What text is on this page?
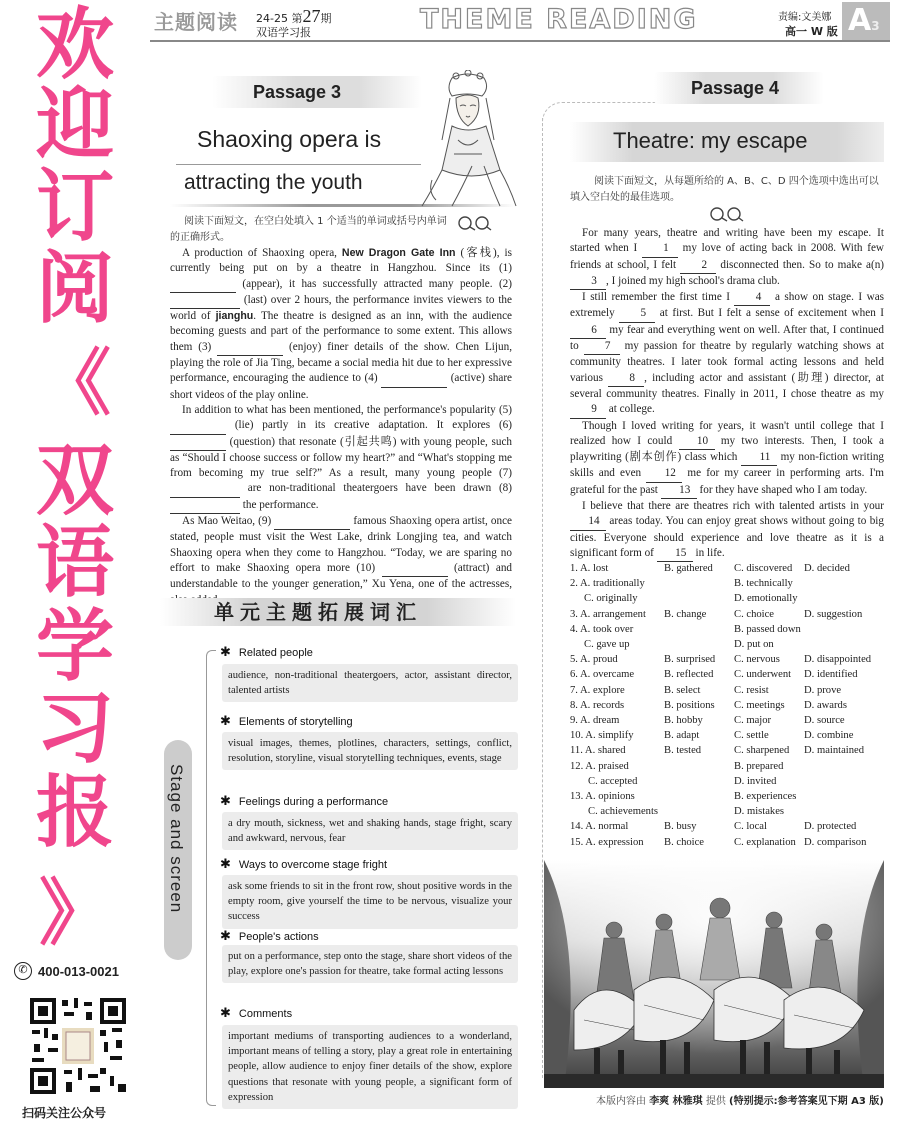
主题阅读 24-25 第27期
双语学习报	THEME READING	责编:文美娜
高一 W 版 A3
欢
迎
订
阅
《
双
语
学
习
报
》
✆ 400-013-0021
扫码关注公众号
Passage 3
Shaoxing opera is
attracting the youth
阅读下面短文，在空白处填入 1 个适当的单词或括号内单词的正确形式。

A production of Shaoxing opera, New Dragon Gate Inn (客栈), is currently being put on by a theatre in Hangzhou. Since its (1)   (appear), it has successfully attracted many people. (2)   (last) over 2 hours, the performance invites viewers to the world of jianghu. The theatre is designed as an inn, with the audience becoming guests and part of the performance to some extent. This allows them (3)	(enjoy) finer details of the show. Chen Lijun, playing the role of Jia Ting, became a social media hit due to her expressive performance, encouraging the audience to (4)	(active) share short videos of the play online.

In addition to what has been mentioned, the performance's popularity (5)   (lie) partly in its creative adaptation. It explores (6)   (question) that resonate (引起共鸣) with young people, such as “Should I choose success or follow my heart?” and “What's stopping me from becoming my true self?” As a result, many young people (7)   are non-traditional theatergoers have been drawn (8)   the performance.

As Mao Weitao, (9)	famous Shaoxing opera artist, once stated, people must visit the West Lake, drink Longjing tea, and watch Shaoxing opera when they come to Hangzhou. “Today, we are sparing no effort to make Shaoxing opera more (10)	(attract) and understandable to the younger generation,” Xu Yena, one of the actresses,

单元主题拓展词汇
Stage and screen
✱ Related people
audience, non-traditional theatergoers, actor, assistant director, talented artists
✱ Elements of storytelling
visual images, themes, plotlines, characters, settings, conflict, resolution, storyline, visual storytelling techniques, events, stage
✱ Feelings during a performance
a dry mouth, sickness, wet and shaking hands, stage fright, scary and awkward, nervous, fear
✱ Ways to overcome stage fright
ask some friends to sit in the front row, shout positive words in the empty room, give yourself the time to be nervous, visualize your success
✱ People's actions
put on a performance, step onto the stage, share short videos of the play, explore one's passion for theatre, take formal acting lessons
✱ Comments
important mediums of transporting audiences to a wonderland, important means of telling a story, play a great role in entertaining people, allow audience to enjoy finer details of the show, explore questions that resonate with young people, a significant form of expression
Passage 4
Theatre: my escape
阅读下面短文，从每题所给的 A、B、C、D 四个选项中选出可以填入空白处的最佳选项。

For many years, theatre and writing have been my escape. It started when I 1 my love of acting back in 2008. With few friends at school, I felt 2 disconnected then. So to make a(n) 3 , I joined my high school's drama club.

I still remember the first time I 4 a show on stage. I was extremely 5 at first. But I felt a sense of excitement when I 6 my fear and everything went on well. After that, I continued to 7 my passion for theatre by regularly watching shows at community theatres. I later took formal acting lessons and held various 8 , including actor and assistant (助理) director, at several community theatres. Finally in 2011, I chose theatre as my 9 at college.

Though I loved writing for years, it wasn't until college that I realized how I could 10 my two interests. Then, I took a playwriting (剧本创作) class which 11 my non-fiction writing skills and even 12 me for my career in performing arts. I'm grateful for the past 13 for they have shaped who I am today.

I believe that there are theatres rich with talented artists in your 14 areas today. You can enjoy great shows without going to big cities. Everyone should experience and love theatre as it is a significant form of 15 in life.

1. A. lost	B. gathered C. discovered D. decided
2. A. traditionally	B. technically
C. originally	D. emotionally
3. A. arrangement B. change	C. choice	D. suggestion
4. A. took over	B. passed down
C. gave up	D. put on
5. A. proud	B. surprised C. nervous D. disappointed
6. A. overcame	B. reflected C. underwent D. identified
7. A. explore	B. select	C. resist	D. prove
8. A. records	B. positions C. meetings D. awards
9. A. dream	B. hobby	C. major	D. source
10. A. simplify	B. adapt	C. settle	D. combine
11. A. shared	B. tested	C. sharpened D. maintained
12. A. praised	B. prepared
C. accepted	D. invited
13. A. opinions	B. experiences
C. achievements	D. mistakes
14. A. normal	B. busy	C. local	D. protected
15. A. expression B. choice	C. explanation D. comparison
本版内容由 李爽 林雅琪 提供 (特别提示:参考答案见下期 A3 版)
